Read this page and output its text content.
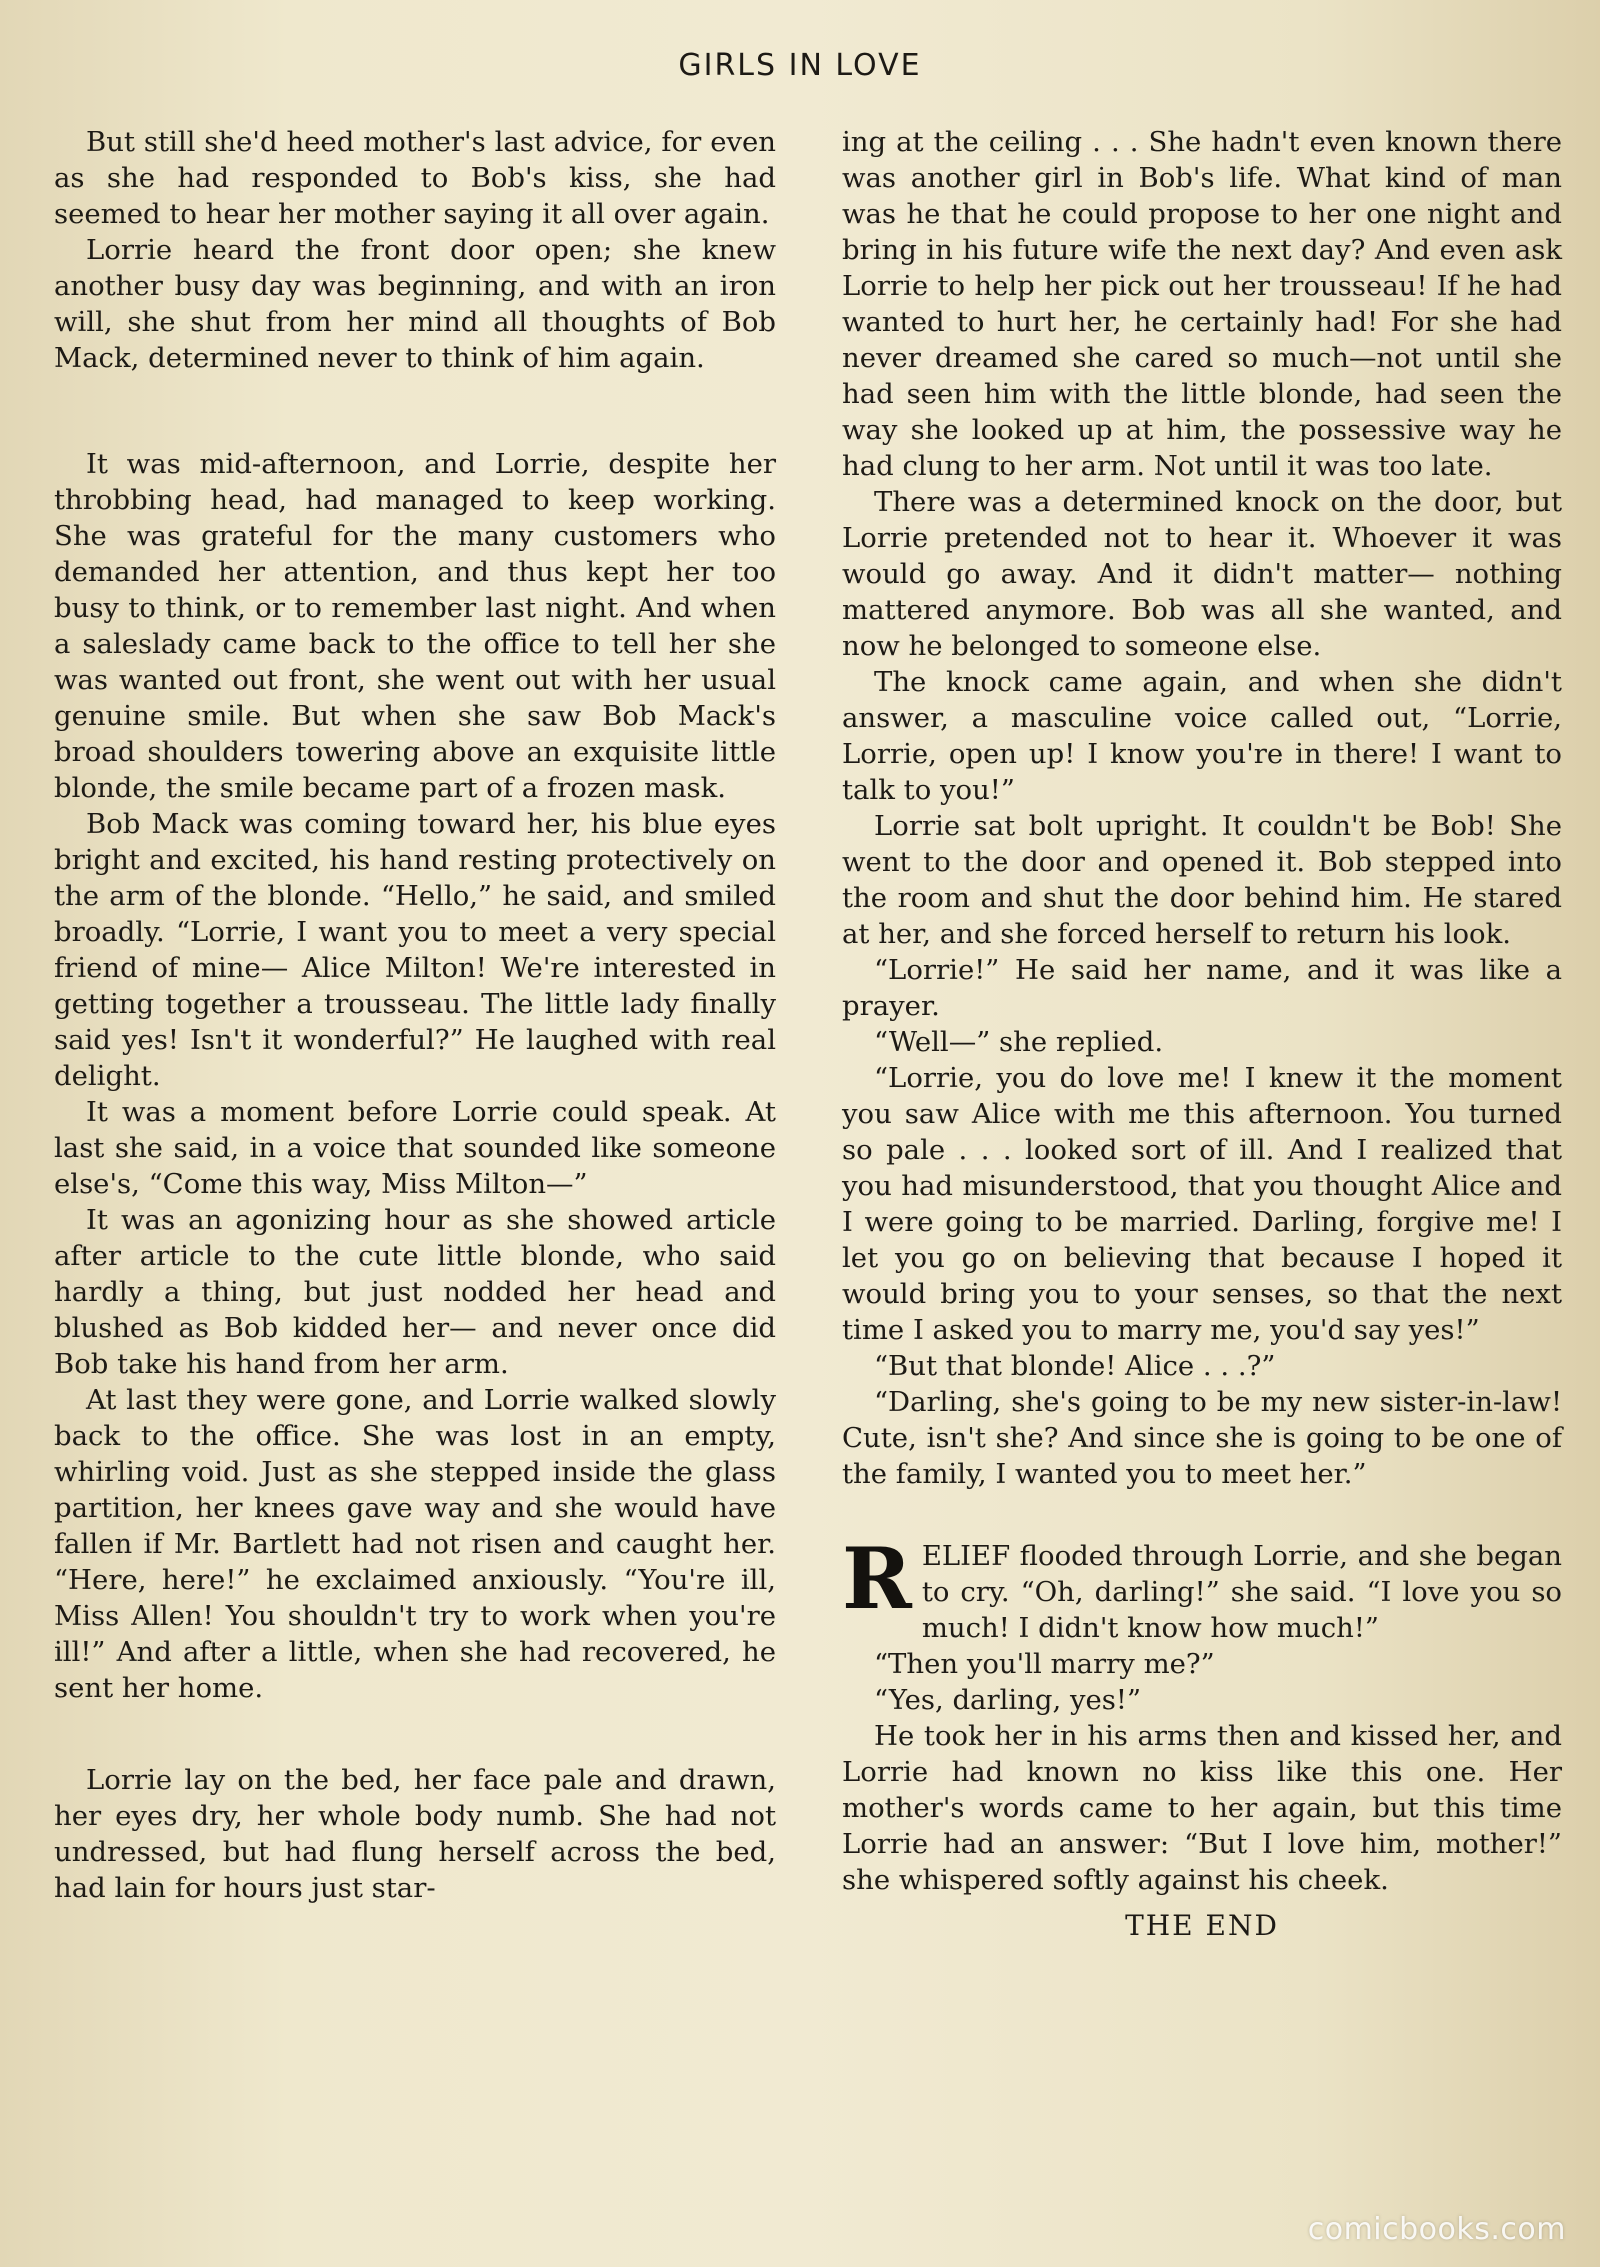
GIRLS IN LOVE

But still she'd heed mother's last advice, for even as she had responded to Bob's kiss, she had seemed to hear her mother saying it all over again.

Lorrie heard the front door open; she knew another busy day was beginning, and with an iron will, she shut from her mind all thoughts of Bob Mack, determined never to think of him again.

It was mid-afternoon, and Lorrie, despite her throbbing head, had managed to keep working. She was grateful for the many customers who demanded her attention, and thus kept her too busy to think, or to remember last night. And when a saleslady came back to the office to tell her she was wanted out front, she went out with her usual genuine smile. But when she saw Bob Mack's broad shoulders towering above an exquisite little blonde, the smile became part of a frozen mask.

Bob Mack was coming toward her, his blue eyes bright and excited, his hand resting protectively on the arm of the blonde. “Hello,” he said, and smiled broadly. “Lorrie, I want you to meet a very special friend of mine— Alice Milton! We're interested in getting together a trousseau. The little lady finally said yes! Isn't it wonderful?” He laughed with real delight.

It was a moment before Lorrie could speak. At last she said, in a voice that sounded like someone else's, “Come this way, Miss Milton—”

It was an agonizing hour as she showed article after article to the cute little blonde, who said hardly a thing, but just nodded her head and blushed as Bob kidded her— and never once did Bob take his hand from her arm.

At last they were gone, and Lorrie walked slowly back to the office. She was lost in an empty, whirling void. Just as she stepped inside the glass partition, her knees gave way and she would have fallen if Mr. Bartlett had not risen and caught her. “Here, here!” he exclaimed anxiously. “You're ill, Miss Allen! You shouldn't try to work when you're ill!” And after a little, when she had recovered, he sent her home.

Lorrie lay on the bed, her face pale and drawn, her eyes dry, her whole body numb. She had not undressed, but had flung herself across the bed, had lain for hours just star-

ing at the ceiling . . . She hadn't even known there was another girl in Bob's life. What kind of man was he that he could propose to her one night and bring in his future wife the next day? And even ask Lorrie to help her pick out her trousseau! If he had wanted to hurt her, he certainly had! For she had never dreamed she cared so much—not until she had seen him with the little blonde, had seen the way she looked up at him, the possessive way he had clung to her arm. Not until it was too late.

There was a determined knock on the door, but Lorrie pretended not to hear it. Whoever it was would go away. And it didn't matter— nothing mattered anymore. Bob was all she wanted, and now he belonged to someone else.

The knock came again, and when she didn't answer, a masculine voice called out, “Lorrie, Lorrie, open up! I know you're in there! I want to talk to you!”

Lorrie sat bolt upright. It couldn't be Bob! She went to the door and opened it. Bob stepped into the room and shut the door behind him. He stared at her, and she forced herself to return his look.

“Lorrie!” He said her name, and it was like a prayer.

“Well—” she replied.

“Lorrie, you do love me! I knew it the moment you saw Alice with me this afternoon. You turned so pale . . . looked sort of ill. And I realized that you had misunderstood, that you thought Alice and I were going to be married. Darling, forgive me! I let you go on believing that because I hoped it would bring you to your senses, so that the next time I asked you to marry me, you'd say yes!”

“But that blonde! Alice . . .?”

“Darling, she's going to be my new sister-in-law! Cute, isn't she? And since she is going to be one of the family, I wanted you to meet her.”

RELIEF flooded through Lorrie, and she began to cry. “Oh, darling!” she said. “I love you so much! I didn't know how much!”

“Then you'll marry me?”

“Yes, darling, yes!”

He took her in his arms then and kissed her, and Lorrie had known no kiss like this one. Her mother's words came to her again, but this time Lorrie had an answer: “But I love him, mother!” she whispered softly against his cheek.

THE END

comicbooks.com
